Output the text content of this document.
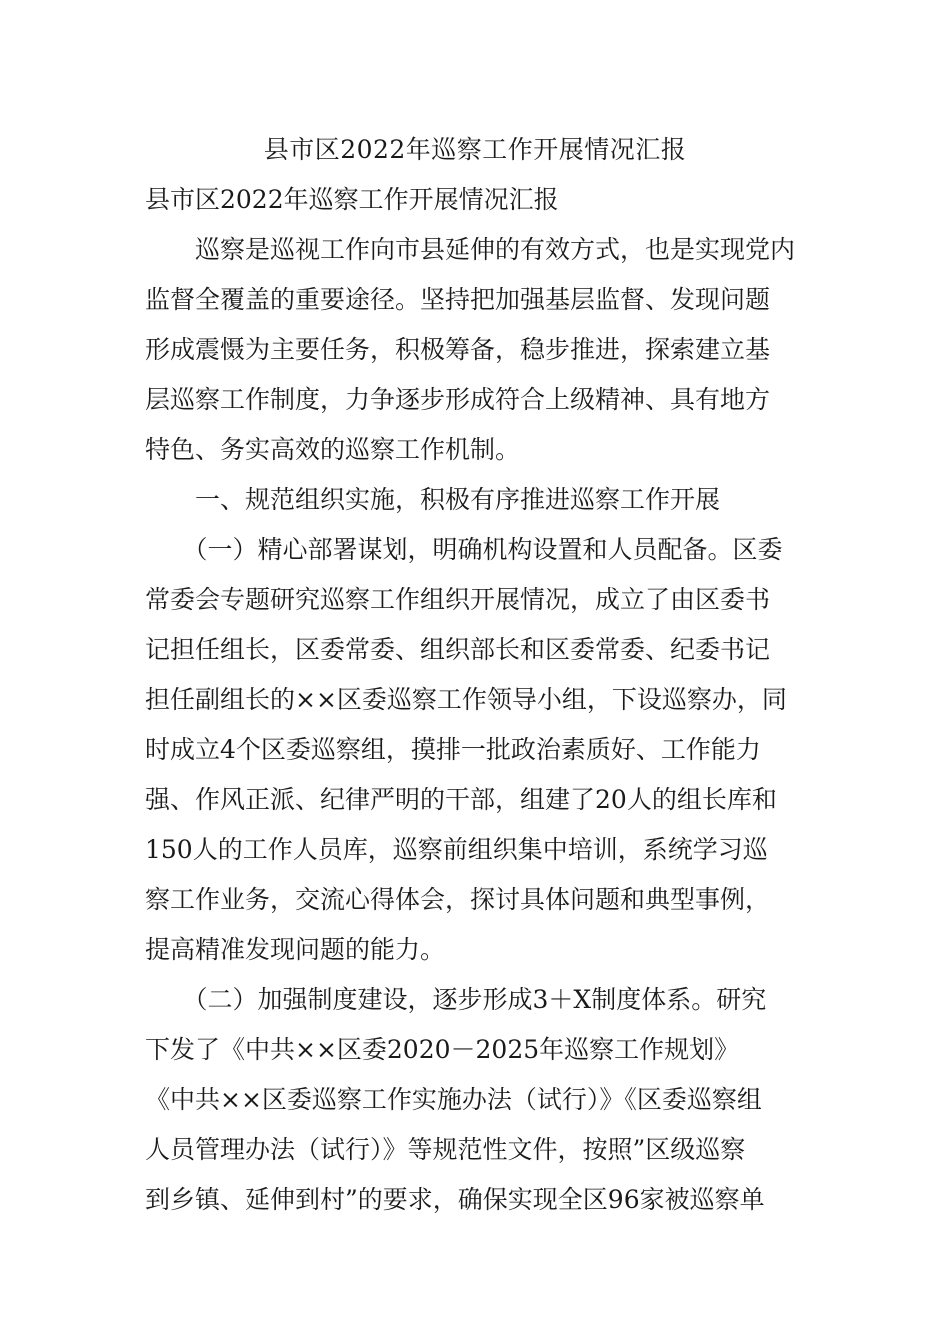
县市区2022年巡察工作开展情况汇报

县市区2022年巡察工作开展情况汇报

　　巡察是巡视工作向市县延伸的有效方式，也是实现党内

监督全覆盖的重要途径。坚持把加强基层监督、发现问题

形成震慑为主要任务，积极筹备，稳步推进，探索建立基

层巡察工作制度，力争逐步形成符合上级精神、具有地方

特色、务实高效的巡察工作机制。

　　一、规范组织实施，积极有序推进巡察工作开展

　　（一）精心部署谋划，明确机构设置和人员配备。区委

常委会专题研究巡察工作组织开展情况，成立了由区委书

记担任组长，区委常委、组织部长和区委常委、纪委书记

担任副组长的××区委巡察工作领导小组，下设巡察办，同

时成立4个区委巡察组，摸排一批政治素质好、工作能力

强、作风正派、纪律严明的干部，组建了20人的组长库和

150人的工作人员库，巡察前组织集中培训，系统学习巡

察工作业务，交流心得体会，探讨具体问题和典型事例，

提高精准发现问题的能力。

　　（二）加强制度建设，逐步形成3＋X制度体系。研究

下发了《中共××区委2020－2025年巡察工作规划》

《中共××区委巡察工作实施办法（试行）》《区委巡察组

人员管理办法（试行）》等规范性文件，按照”区级巡察

到乡镇、延伸到村”的要求，确保实现全区96家被巡察单
